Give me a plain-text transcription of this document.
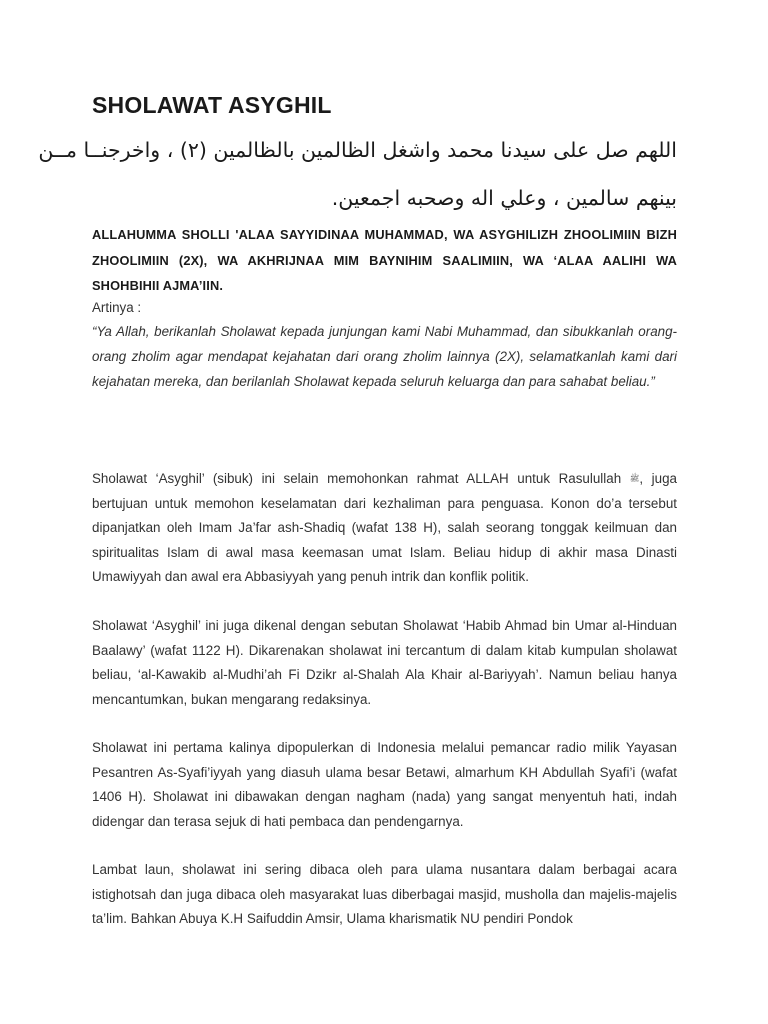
SHOLAWAT ASYGHIL

اللهم صل على سيدنا محمد واشغل الظالمين بالظالمين (٢) ، واخرجنــا مــن

بينهم سالمين ، وعلي اله وصحبه اجمعين.

ALLAHUMMA SHOLLI 'ALAA SAYYIDINAA MUHAMMAD, WA ASYGHILIZH ZHOOLIMIIN BIZH ZHOOLIMIIN (2X), WA AKHRIJNAA MIM BAYNIHIM SAALIMIIN, WA ‘ALAA AALIHI WA SHOHBIHII AJMA’IIN.

Artinya :

“Ya Allah, berikanlah Sholawat kepada junjungan kami Nabi Muhammad, dan sibukkanlah orang-orang zholim agar mendapat kejahatan dari orang zholim lainnya (2X), selamatkanlah kami dari kejahatan mereka, dan berilanlah Sholawat kepada seluruh keluarga dan para sahabat beliau.”

Sholawat ‘Asyghil’ (sibuk) ini selain memohonkan rahmat ALLAH untuk Rasulullah ﷺ, juga bertujuan untuk memohon keselamatan dari kezhaliman para penguasa. Konon do’a tersebut dipanjatkan oleh Imam Ja’far ash-Shadiq (wafat 138 H), salah seorang tonggak keilmuan dan spiritualitas Islam di awal masa keemasan umat Islam. Beliau hidup di akhir masa Dinasti Umawiyyah dan awal era Abbasiyyah yang penuh intrik dan konflik politik.

Sholawat ‘Asyghil’ ini juga dikenal dengan sebutan Sholawat ‘Habib Ahmad bin Umar al-Hinduan Baalawy’ (wafat 1122 H). Dikarenakan sholawat ini tercantum di dalam kitab kumpulan sholawat beliau, ‘al-Kawakib al-Mudhi’ah Fi Dzikr al-Shalah Ala Khair al-Bariyyah’. Namun beliau hanya mencantumkan, bukan mengarang redaksinya.

Sholawat ini pertama kalinya dipopulerkan di Indonesia melalui pemancar radio milik Yayasan Pesantren As-Syafi’iyyah yang diasuh ulama besar Betawi, almarhum KH Abdullah Syafi’i (wafat 1406 H). Sholawat ini dibawakan dengan nagham (nada) yang sangat menyentuh hati, indah didengar dan terasa sejuk di hati pembaca dan pendengarnya.

Lambat laun, sholawat ini sering dibaca oleh para ulama nusantara dalam berbagai acara istighotsah dan juga dibaca oleh masyarakat luas diberbagai masjid, musholla dan majelis-majelis ta’lim. Bahkan Abuya K.H Saifuddin Amsir, Ulama kharismatik NU pendiri Pondok
